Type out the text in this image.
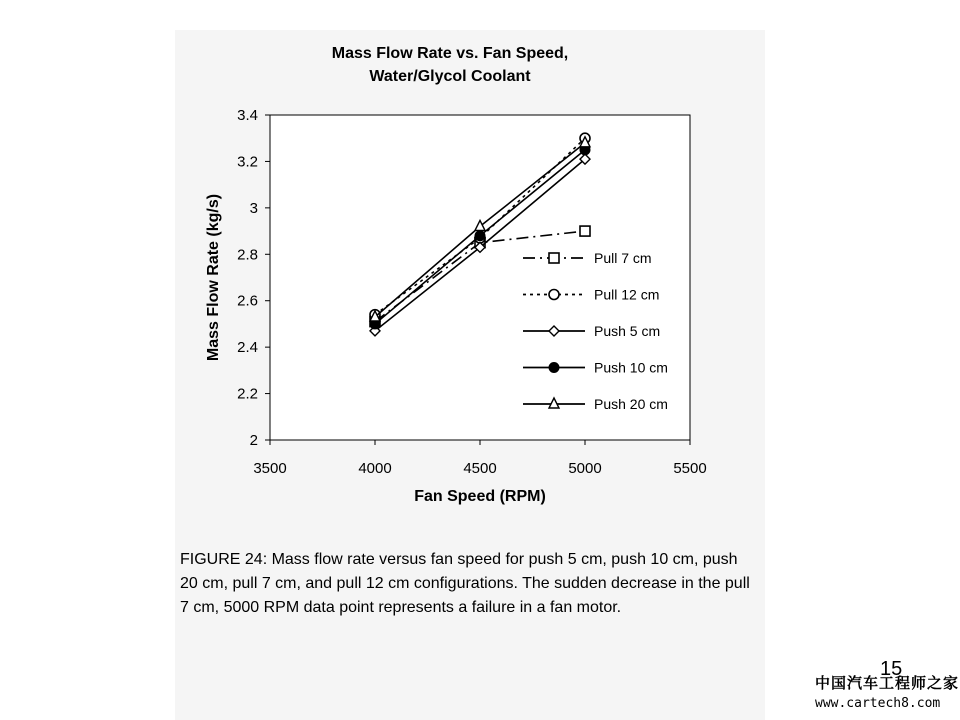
Mass Flow Rate vs. Fan Speed,
Water/Glycol Coolant
2
2.2
2.4
2.6
2.8
3
3.2
3.4
3500	4000	4500	5000	5500
Fan Speed (RPM)
Mass Flow Rate (kg/s)	Pull 7 cm
Pull 12 cm
Push 5 cm
Push 10 cm
Push 20 cm
FIGURE 24: Mass flow rate versus fan speed for push 5 cm, push 10 cm, push 20 cm, pull 7 cm, and pull 12 cm configurations. The sudden decrease in the pull 7 cm, 5000 RPM data point represents a failure in a fan motor.
15
中国汽车工程师之家
www.cartech8.com
